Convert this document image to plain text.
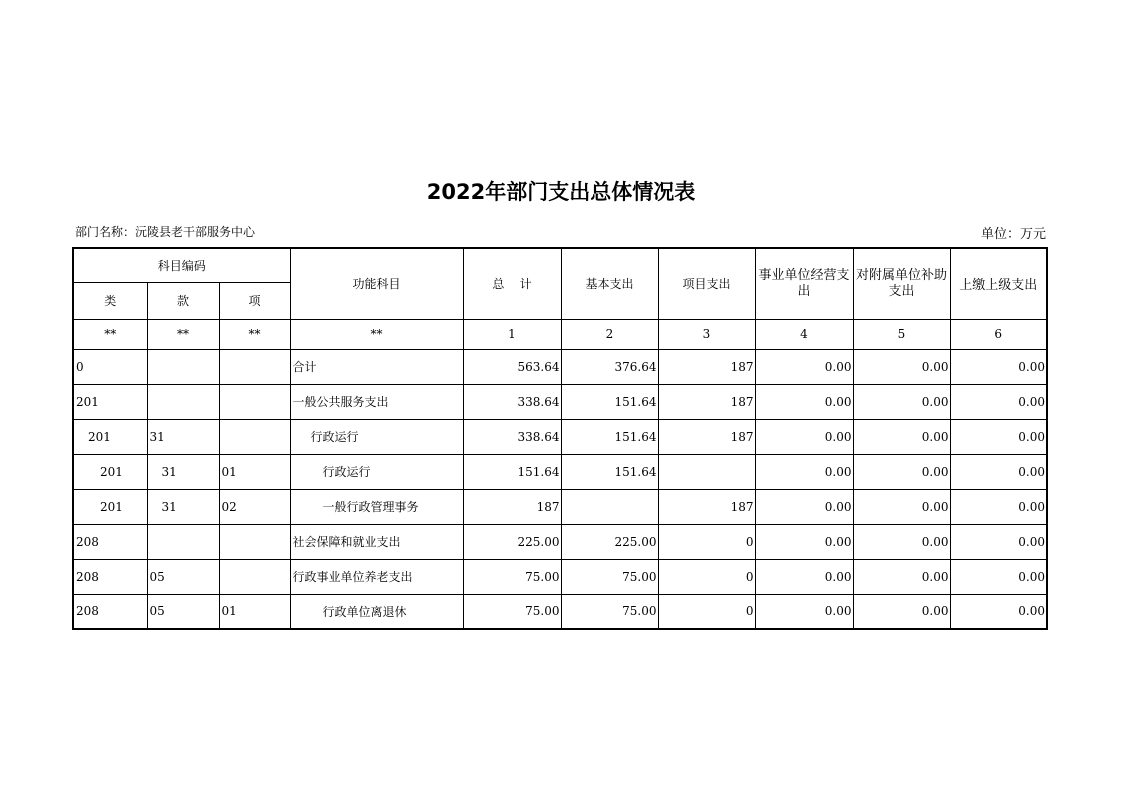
2022年部门支出总体情况表
部门名称：沅陵县老干部服务中心	单位：万元
科目编码			功能科目	总    计	基本支出	项目支出	事业单位经营支出	对附属单位补助支出	上缴上级支出
类	款	项							
**	**	**	**	1	2	3	4	5	6
0			合计	563.64	376.64	187	0.00	0.00	0.00
201			一般公共服务支出	338.64	151.64	187	0.00	0.00	0.00
201	31		行政运行	338.64	151.64	187	0.00	0.00	0.00
201	31	01	行政运行	151.64	151.64		0.00	0.00	0.00
201	31	02	一般行政管理事务	187		187	0.00	0.00	0.00
208			社会保障和就业支出	225.00	225.00	0	0.00	0.00	0.00
208	05		行政事业单位养老支出	75.00	75.00	0	0.00	0.00	0.00
208	05	01	行政单位离退休	75.00	75.00	0	0.00	0.00	0.00
